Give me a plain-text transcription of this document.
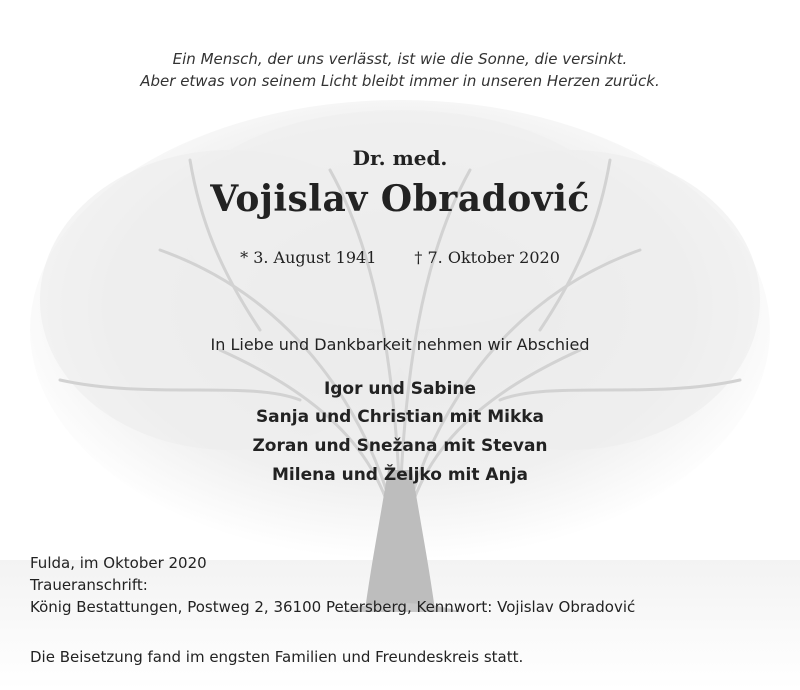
Ein Mensch, der uns verlässt, ist wie die Sonne, die versinkt.
Aber etwas von seinem Licht bleibt immer in unseren Herzen zurück.
Dr. med.
Vojislav Obradović
* 3. August 1941 † 7. Oktober 2020
In Liebe und Dankbarkeit nehmen wir Abschied
Igor und Sabine
Sanja und Christian mit Mikka
Zoran und Snežana mit Stevan
Milena und Željko mit Anja
Fulda, im Oktober 2020
Traueranschrift:
König Bestattungen, Postweg 2, 36100 Petersberg, Kennwort: Vojislav Obradović
Die Beisetzung fand im engsten Familien und Freundeskreis statt.
